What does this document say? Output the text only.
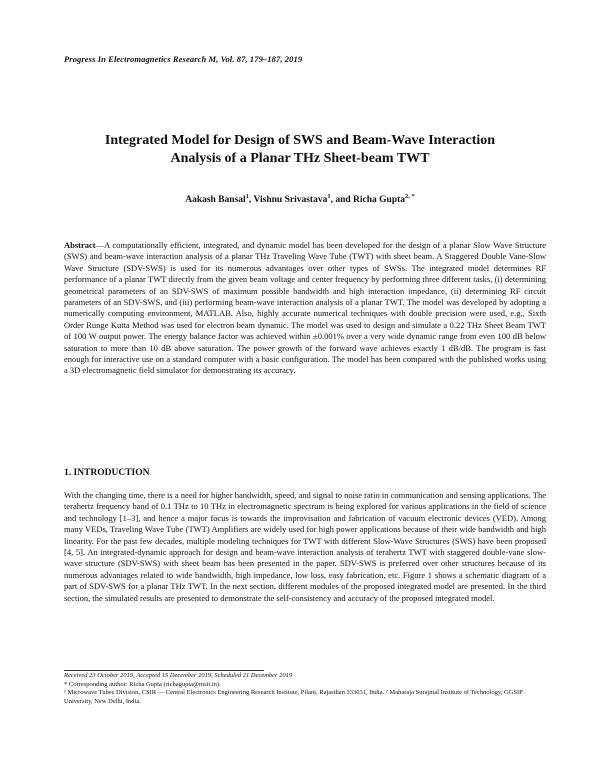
Progress In Electromagnetics Research M, Vol. 87, 179–187, 2019
Integrated Model for Design of SWS and Beam-Wave Interaction
Analysis of a Planar THz Sheet-beam TWT
Aakash Bansal$^1$, Vishnu Srivastava$^1$, and Richa Gupta$^{2, *}$
Abstract—A computationally efficient, integrated, and dynamic model has been developed for the design of a planar Slow Wave Structure (SWS) and beam-wave interaction analysis of a planar THz Traveling Wave Tube (TWT) with sheet beam. A Staggered Double Vane-Slow Wave Structure (SDV-SWS) is used for its numerous advantages over other types of SWSs. The integrated model determines RF performance of a planar TWT directly from the given beam voltage and center frequency by performing three different tasks, (i) determining geometrical parameters of an SDV-SWS of maximum possible bandwidth and high interaction impedance, (ii) determining RF circuit parameters of an SDV-SWS, and (iii) performing beam-wave interaction analysis of a planar TWT. The model was developed by adopting a numerically computing environment, MATLAB. Also, highly accurate numerical techniques with double precision were used, e.g., Sixth Order Runge Kutta Method was used for electron beam dynamic. The model was used to design and simulate a 0.22 THz Sheet Beam TWT of 100 W output power. The energy balance factor was achieved within ±0.001% over a very wide dynamic range from even 100 dB below saturation to more than 10 dB above saturation. The power growth of the forward wave achieves exactly 1 dB/dB. The program is fast enough for interactive use on a standard computer with a basic configuration. The model has been compared with the published works using a 3D electromagnetic field simulator for demonstrating its accuracy.
1. INTRODUCTION
With the changing time, there is a need for higher bandwidth, speed, and signal to noise ratio in communication and sensing applications. The terahertz frequency band of 0.1 THz to 10 THz in electromagnetic spectrum is being explored for various applications in the field of science and technology [1–3], and hence a major focus is towards the improvisation and fabrication of vacuum electronic devices (VED). Among many VEDs, Traveling Wave Tube (TWT) Amplifiers are widely used for high power applications because of their wide bandwidth and high linearity. For the past few decades, multiple modeling techniques for TWT with different Slow-Wave Structures (SWS) have been proposed [4, 5]. An integrated-dynamic approach for design and beam-wave interaction analysis of terahertz TWT with staggered double-vane slow-wave structure (SDV-SWS) with sheet beam has been presented in the paper. SDV-SWS is preferred over other structures because of its numerous advantages related to wide bandwidth, high impedance, low loss, easy fabrication, etc. Figure 1 shows a schematic diagram of a part of SDV-SWS for a planar THz TWT. In the next section, different modules of the proposed integrated model are presented. In the third section, the simulated results are presented to demonstrate the self-consistency and accuracy of the proposed integrated model.
Received 23 October 2019, Accepted 15 December 2019, Scheduled 21 December 2019
* Corresponding author: Richa Gupta (richagupta@msit.in).
¹ Microwave Tubes Division, CSIR — Central Electronics Engineering Research Institute, Pilani, Rajasthan 333031, India. ² Maharaja Surajmal Institute of Technology, GGSIP University, New Delhi, India.
